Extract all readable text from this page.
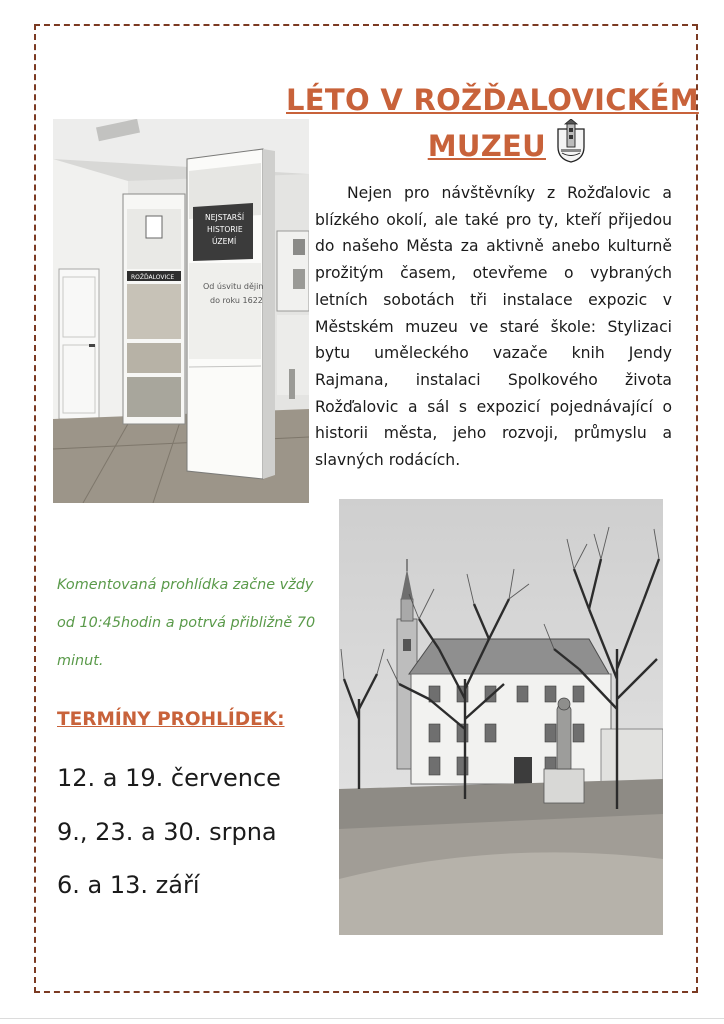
LÉTO V ROŽĎALOVICKÉM
MUZEU
ROŽĎALOVICE
NEJSTARŠÍ
HISTORIE
ÚZEMÍ
Od úsvitu dějin
do roku 1622
Nejen pro návštěvníky z Rožďalovic a blízkého okolí, ale také pro ty, kteří přijedou do našeho Města za aktivně anebo kulturně prožitým časem, otevřeme o vybraných letních sobotách tři instalace expozic v Městském muzeu ve staré škole: Stylizaci bytu uměleckého vazače knih Jendy Rajmana, instalaci Spolkového života Rožďalovic a sál s expozicí pojednávající o historii města, jeho rozvoji, průmyslu a slavných rodácích.
Komentovaná prohlídka začne vždy od 10:45hodin a potrvá přibližně 70 minut.
TERMÍNY PROHLÍDEK:
12. a 19. července
9., 23. a 30. srpna
6. a 13. září
